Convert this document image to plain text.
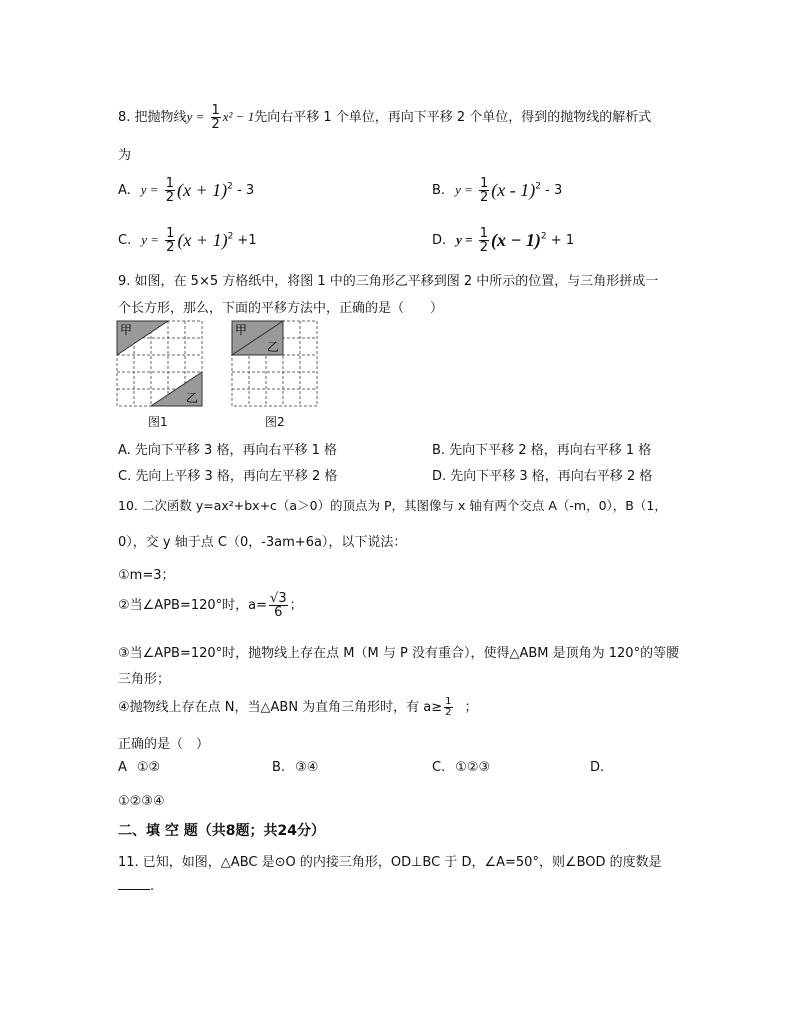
8. 把抛物线$y = \frac{1}{2} x^2 - 1$先向右平移 1 个单位，再向下平移 2 个单位，得到的抛物线的解析式
为
A. $y = \frac{1}{2} (x + 1)^2 - 3$	B. $y = \frac{1}{2} (x - 1)^2 - 3$
C. $y = \frac{1}{2} (x + 1)^2 +1$	D. $y = \frac{1}{2} (x - 1)^2 + 1$
9. 如图，在 5×5 方格纸中，将图 1 中的三角形乙平移到图 2 中所示的位置，与三角形拼成一
个长方形，那么，下面的平移方法中，正确的是（　　）
甲
乙
图1
甲
乙
图2
A. 先向下平移 3 格，再向右平移 1 格	B. 先向下平移 2 格，再向右平移 1 格
C. 先向上平移 3 格，再向左平移 2 格	D. 先向下平移 3 格，再向右平移 2 格
10. 二次函数 y=ax²+bx+c（a＞0）的顶点为 P，其图像与 x 轴有两个交点 A（-m，0），B（1，
0），交 y 轴于点 C（0，-3am+6a），以下说法：
①m=3；
②当∠APB=120°时，$a= \frac{√3}{6}$ ；
③当∠APB=120°时，抛物线上存在点 M（M 与 P 没有重合），使得△ABM 是顶角为 120°的等腰
三角形；
④抛物线上存在点 N，当△ABN 为直角三角形时，有 $a\ge \frac{1}{2}$ ；
正确的是（　）
A ①②	B. ③④	C. ①②③	D.
①②③④
二、填 空 题（共8题；共24分）
11. 已知，如图，△ABC 是⊙O 的内接三角形，OD⊥BC 于 D，∠A=50°，则∠BOD 的度数是
.
